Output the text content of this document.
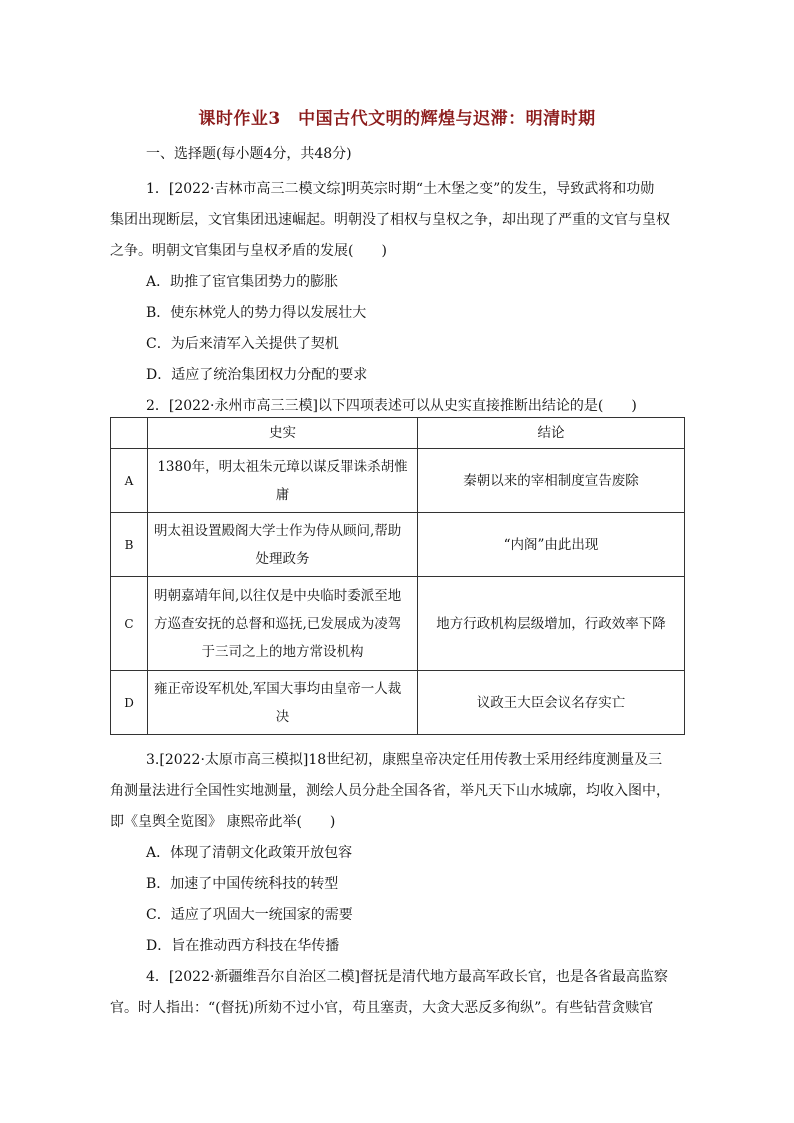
课时作业3　中国古代文明的辉煌与迟滞：明清时期
一、选择题(每小题4分，共48分)
1．[2022·吉林市高三二模文综]明英宗时期“土木堡之变”的发生，导致武将和功勋
集团出现断层，文官集团迅速崛起。明朝没了相权与皇权之争，却出现了严重的文官与皇权
之争。明朝文官集团与皇权矛盾的发展(　　)
A．助推了宦官集团势力的膨胀
B．使东林党人的势力得以发展壮大
C．为后来清军入关提供了契机
D．适应了统治集团权力分配的要求
2．[2022·永州市高三三模]以下四项表述可以从史实直接推断出结论的是(　　)
	史实	结论
A	1380年，明太祖朱元璋以谋反罪诛杀胡惟
庸	秦朝以来的宰相制度宣告废除
B	明太祖设置殿阁大学士作为侍从顾问,帮助
处理政务	“内阁”由此出现
C	明朝嘉靖年间,以往仅是中央临时委派至地
方巡查安抚的总督和巡抚,已发展成为凌驾
于三司之上的地方常设机构	地方行政机构层级增加，行政效率下降
D	雍正帝设军机处,军国大事均由皇帝一人裁
决	议政王大臣会议名存实亡
3.[2022·太原市高三模拟]18世纪初，康熙皇帝决定任用传教士采用经纬度测量及三
角测量法进行全国性实地测量，测绘人员分赴全国各省，举凡天下山水城廓，均收入图中，
即《皇舆全览图》 康熙帝此举(　　)
A．体现了清朝文化政策开放包容
B．加速了中国传统科技的转型
C．适应了巩固大一统国家的需要
D．旨在推动西方科技在华传播
4．[2022·新疆维吾尔自治区二模]督抚是清代地方最高军政长官，也是各省最高监察
官。时人指出：“(督抚)所劾不过小官，苟且塞责，大贪大恶反多徇纵”。有些钻营贪赎官
